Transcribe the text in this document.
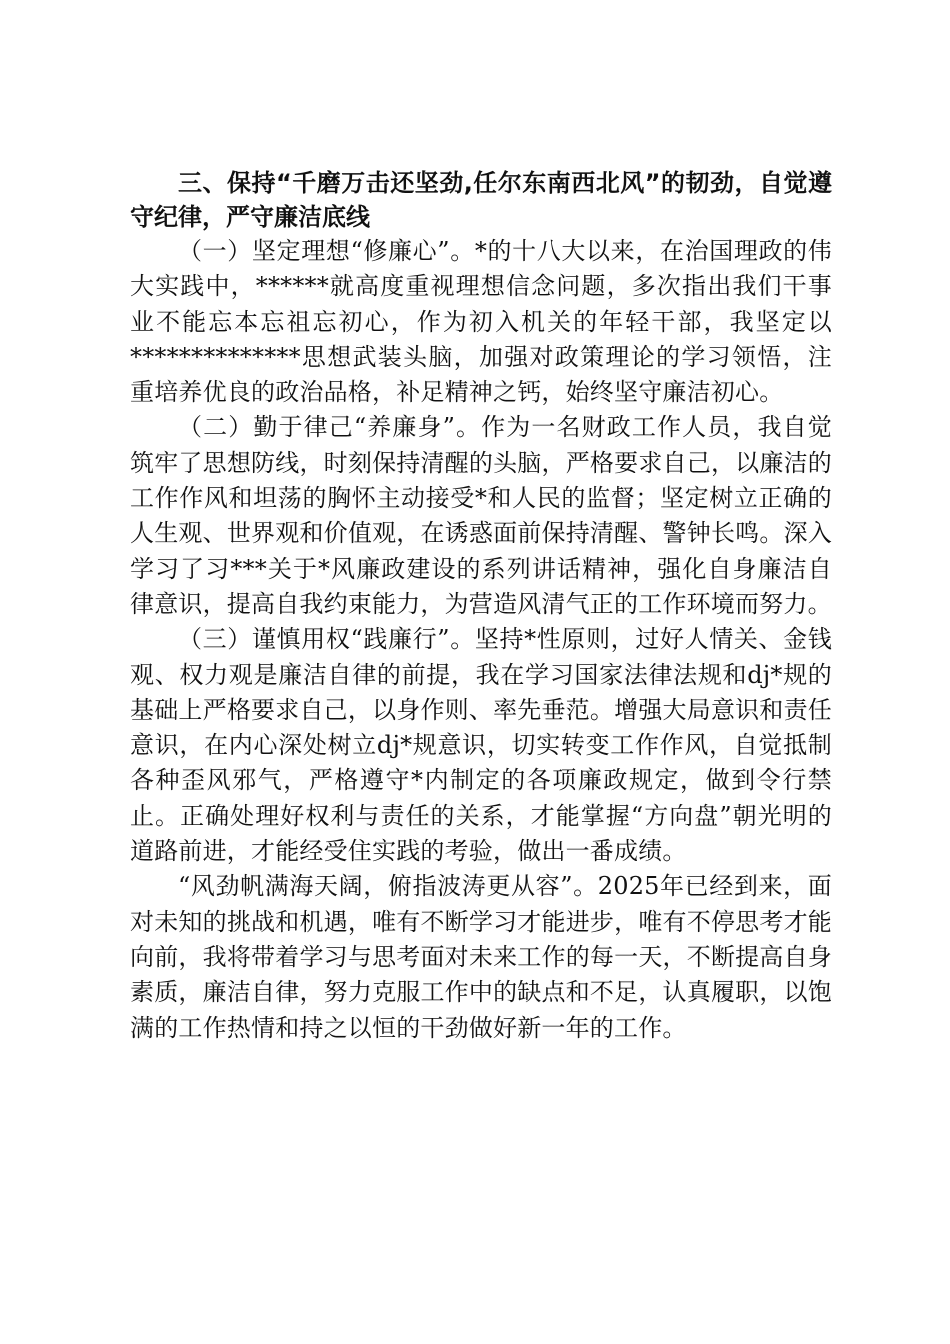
三、保持“千磨万击还坚劲,任尔东南西北风”的韧劲，自觉遵守纪律，严守廉洁底线

（一）坚定理想“修廉心”。*的十八大以来，在治国理政的伟大实践中，******就高度重视理想信念问题，多次指出我们干事业不能忘本忘祖忘初心，作为初入机关的年轻干部，我坚定以**************思想武装头脑，加强对政策理论的学习领悟，注重培养优良的政治品格，补足精神之钙，始终坚守廉洁初心。

（二）勤于律己“养廉身”。作为一名财政工作人员，我自觉筑牢了思想防线，时刻保持清醒的头脑，严格要求自己，以廉洁的工作作风和坦荡的胸怀主动接受*和人民的监督；坚定树立正确的人生观、世界观和价值观，在诱惑面前保持清醒、警钟长鸣。深入学习了习***关于*风廉政建设的系列讲话精神，强化自身廉洁自律意识，提高自我约束能力，为营造风清气正的工作环境而努力。

（三）谨慎用权“践廉行”。坚持*性原则，过好人情关、金钱观、权力观是廉洁自律的前提，我在学习国家法律法规和dj*规的基础上严格要求自己，以身作则、率先垂范。增强大局意识和责任意识，在内心深处树立dj*规意识，切实转变工作作风，自觉抵制各种歪风邪气，严格遵守*内制定的各项廉政规定，做到令行禁止。正确处理好权利与责任的关系，才能掌握“方向盘”朝光明的道路前进，才能经受住实践的考验，做出一番成绩。

“风劲帆满海天阔，俯指波涛更从容”。2025年已经到来，面对未知的挑战和机遇，唯有不断学习才能进步，唯有不停思考才能向前，我将带着学习与思考面对未来工作的每一天，不断提高自身素质，廉洁自律，努力克服工作中的缺点和不足，认真履职，以饱满的工作热情和持之以恒的干劲做好新一年的工作。
